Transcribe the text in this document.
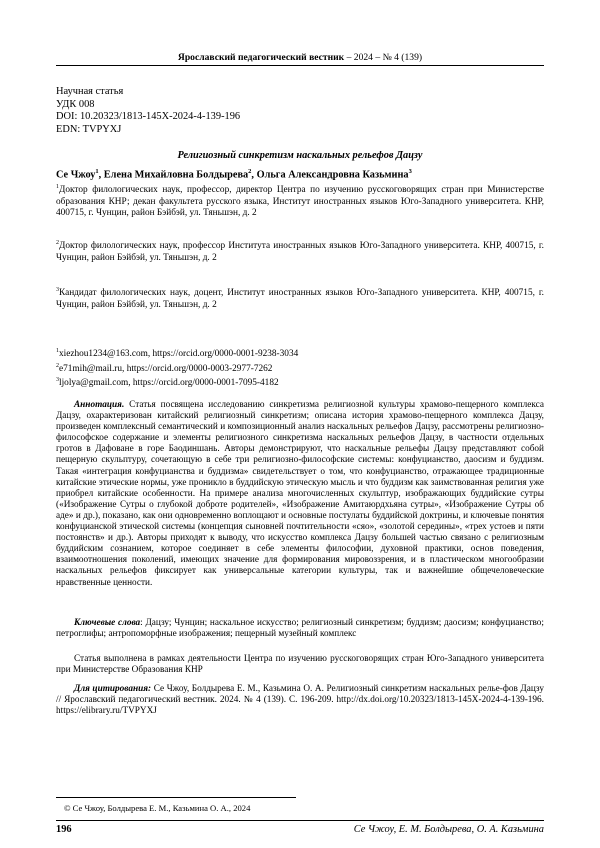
Ярославский педагогический вестник – 2024 – № 4 (139)
Научная статья
УДК 008
DOI: 10.20323/1813-145X-2024-4-139-196
EDN: TVPYXJ
Религиозный синкретизм наскальных рельефов Дацзу
Се Чжоу$^1$, Елена Михайловна Болдырева$^2$, Ольга Александровна Казьмина$^3$
$^1$Доктор филологических наук, профессор, директор Центра по изучению русскоговорящих стран при Министерстве образования КНР; декан факультета русского языка, Институт иностранных языков Юго-Западного университета. КНР, 400715, г. Чунцин, район Бэйбэй, ул. Тяньшэн, д. 2
$^2$Доктор филологических наук, профессор Института иностранных языков Юго-Западного университета. КНР, 400715, г. Чунцин, район Бэйбэй, ул. Тяньшэн, д. 2
$^3$Кандидат филологических наук, доцент, Институт иностранных языков Юго-Западного университета. КНР, 400715, г. Чунцин, район Бэйбэй, ул. Тяньшэн, д. 2
$^1$xiezhou1234@163.com, https://orcid.org/0000-0001-9238-3034
$^2$e71mih@mail.ru, https://orcid.org/0000-0003-2977-7262
$^3$ljolya@gmail.com, https://orcid.org/0000-0001-7095-4182
Аннотация. Статья посвящена исследованию синкретизма религиозной культуры храмово-пещерного комплекса Дацзу, охарактеризован китайский религиозный синкретизм; описана история храмово-пещерного комплекса Дацзу, произведен комплексный семантический и композиционный анализ наскальных рельефов Дацзу, рассмотрены религиозно-философское содержание и элементы религиозного синкретизма наскальных рельефов Дацзу, в частности отдельных гротов в Дафоване в горе Баодиншань. Авторы демонстрируют, что наскальные рельефы Дацзу представляют собой пещерную скульптуру, сочетающую в себе три религиозно-философские системы: конфуцианство, даосизм и буддизм. Такая «интеграция конфуцианства и буддизма» свидетельствует о том, что конфуцианство, отражающее традиционные китайские этические нормы, уже проникло в буддийскую этическую мысль и что буддизм как заимствованная религия уже приобрел китайские особенности. На примере анализа многочисленных скульптур, изображающих буддийские сутры («Изображение Сутры о глубокой доброте родителей», «Изображение Амитаюрдхьяна сутры», «Изображение Сутры об аде» и др.), показано, как они одновременно воплощают и основные постулаты буддийской доктрины, и ключевые понятия конфуцианской этической системы (концепция сыновней почтительности «сяо», «золотой середины», «трех устоев и пяти постоянств» и др.). Авторы приходят к выводу, что искусство комплекса Дацзу большей частью связано с религиозным буддийским сознанием, которое соединяет в себе элементы философии, духовной практики, основ поведения, взаимоотношения поколений, имеющих значение для формирования мировоззрения, и в пластическом многообразии наскальных рельефов фиксирует как универсальные категории культуры, так и важнейшие общечеловеческие нравственные ценности.
Ключевые слова: Дацзу; Чунцин; наскальное искусство; религиозный синкретизм; буддизм; даосизм; конфуцианство; петроглифы; антропоморфные изображения; пещерный музейный комплекс
Статья выполнена в рамках деятельности Центра по изучению русскоговорящих стран Юго-Западного университета при Министерстве Образования КНР
Для цитирования: Се Чжоу, Болдырева Е. М., Казьмина О. А. Религиозный синкретизм наскальных релье-фов Дацзу // Ярославский педагогический вестник. 2024. № 4 (139). С. 196-209. http://dx.doi.org/10.20323/1813-145X-2024-4-139-196. https://elibrary.ru/TVPYXJ
© Се Чжоу, Болдырева Е. М., Казьмина О. А., 2024
196	Се Чжоу, Е. М. Болдырева, О. А. Казьмина
